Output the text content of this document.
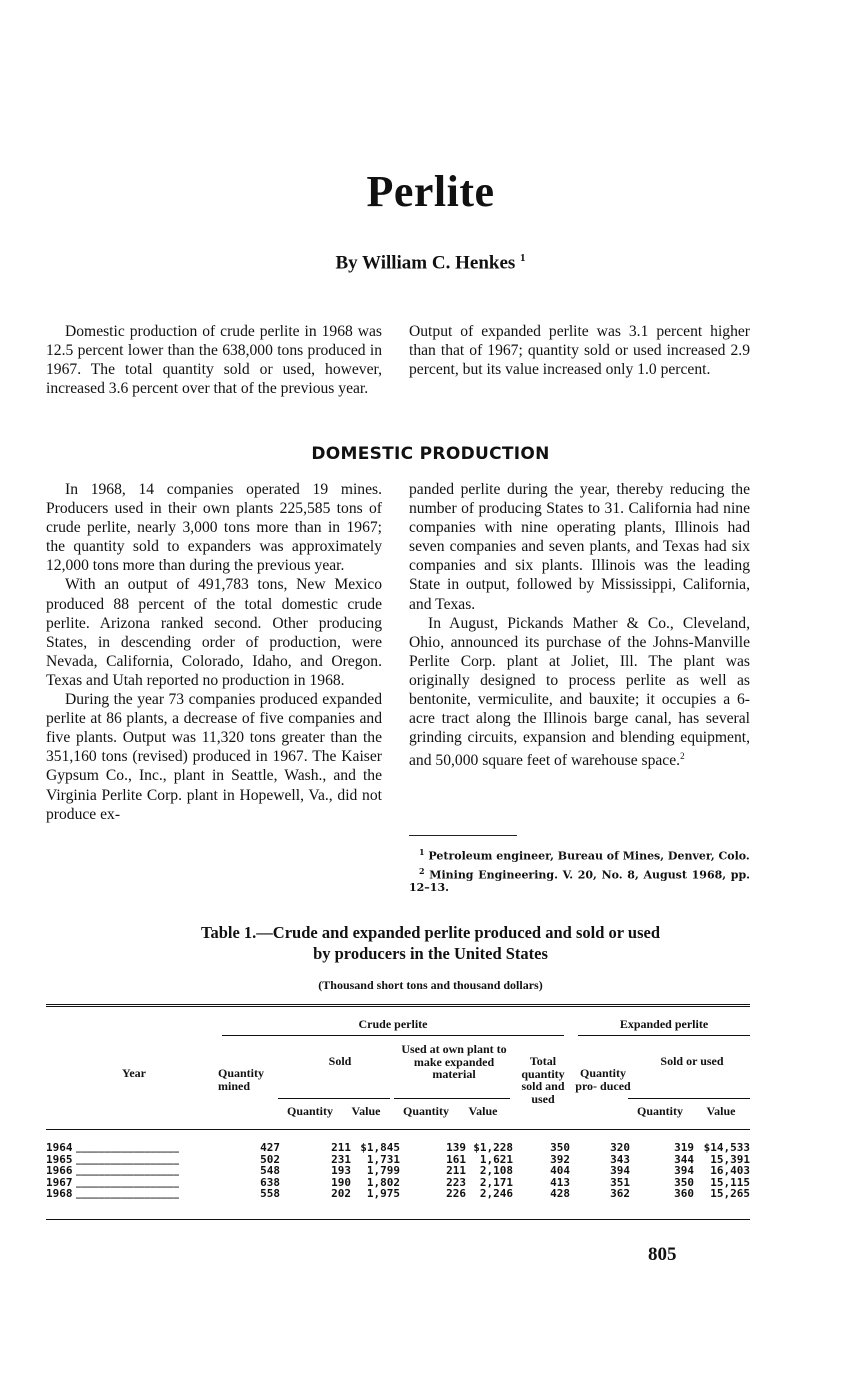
Perlite
By William C. Henkes $^1$

Domestic production of crude perlite in 1968 was 12.5 percent lower than the 638,000 tons produced in 1967. The total quantity sold or used, however, increased 3.6 percent over that of the previous year.

Output of expanded perlite was 3.1 percent higher than that of 1967; quantity sold or used increased 2.9 percent, but its value increased only 1.0 percent.

DOMESTIC PRODUCTION

In 1968, 14 companies operated 19 mines. Producers used in their own plants 225,585 tons of crude perlite, nearly 3,000 tons more than in 1967; the quantity sold to expanders was approximately 12,000 tons more than during the previous year.

With an output of 491,783 tons, New Mexico produced 88 percent of the total domestic crude perlite. Arizona ranked second. Other producing States, in descending order of production, were Nevada, California, Colorado, Idaho, and Oregon. Texas and Utah reported no production in 1968.

During the year 73 companies produced expanded perlite at 86 plants, a decrease of five companies and five plants. Output was 11,320 tons greater than the 351,160 tons (revised) produced in 1967. The Kaiser Gypsum Co., Inc., plant in Seattle, Wash., and the Virginia Perlite Corp. plant in Hopewell, Va., did not produce ex-

panded perlite during the year, thereby reducing the number of producing States to 31. California had nine companies with nine operating plants, Illinois had seven companies and seven plants, and Texas had six companies and six plants. Illinois was the leading State in output, followed by Mississippi, California, and Texas.

In August, Pickands Mather & Co., Cleveland, Ohio, announced its purchase of the Johns-Manville Perlite Corp. plant at Joliet, Ill. The plant was originally designed to process perlite as well as bentonite, vermiculite, and bauxite; it occupies a 6-acre tract along the Illinois barge canal, has several grinding circuits, expansion and blending equipment, and 50,000 square feet of warehouse space.$^2$

$^1$ Petroleum engineer, Bureau of Mines, Denver, Colo.

$^2$ Mining Engineering. V. 20, No. 8, August 1968, pp. 12–13.

Table 1.—Crude and expanded perlite produced and sold or used
by producers in the United States
(Thousand short tons and thousand dollars)
Crude perlite	Expanded perlite
Year	Quantity mined
Sold
Used at own plant to make expanded material
Total quantity sold and used
Quantity pro- duced
Sold or used
Quantity	Value	Quantity	Value	Quantity	Value
1964 __________________	427	211 $1,845	139 $1,228	350	320	319 $14,533
1965 __________________	502	231 1,731	161 1,621	392	343	344 15,391
1966 __________________	548	193 1,799	211 2,108	404	394	394 16,403
1967 __________________	638	190 1,802	223 2,171	413	351	350 15,115
1968 __________________	558	202 1,975	226 2,246	428	362	360 15,265
805
